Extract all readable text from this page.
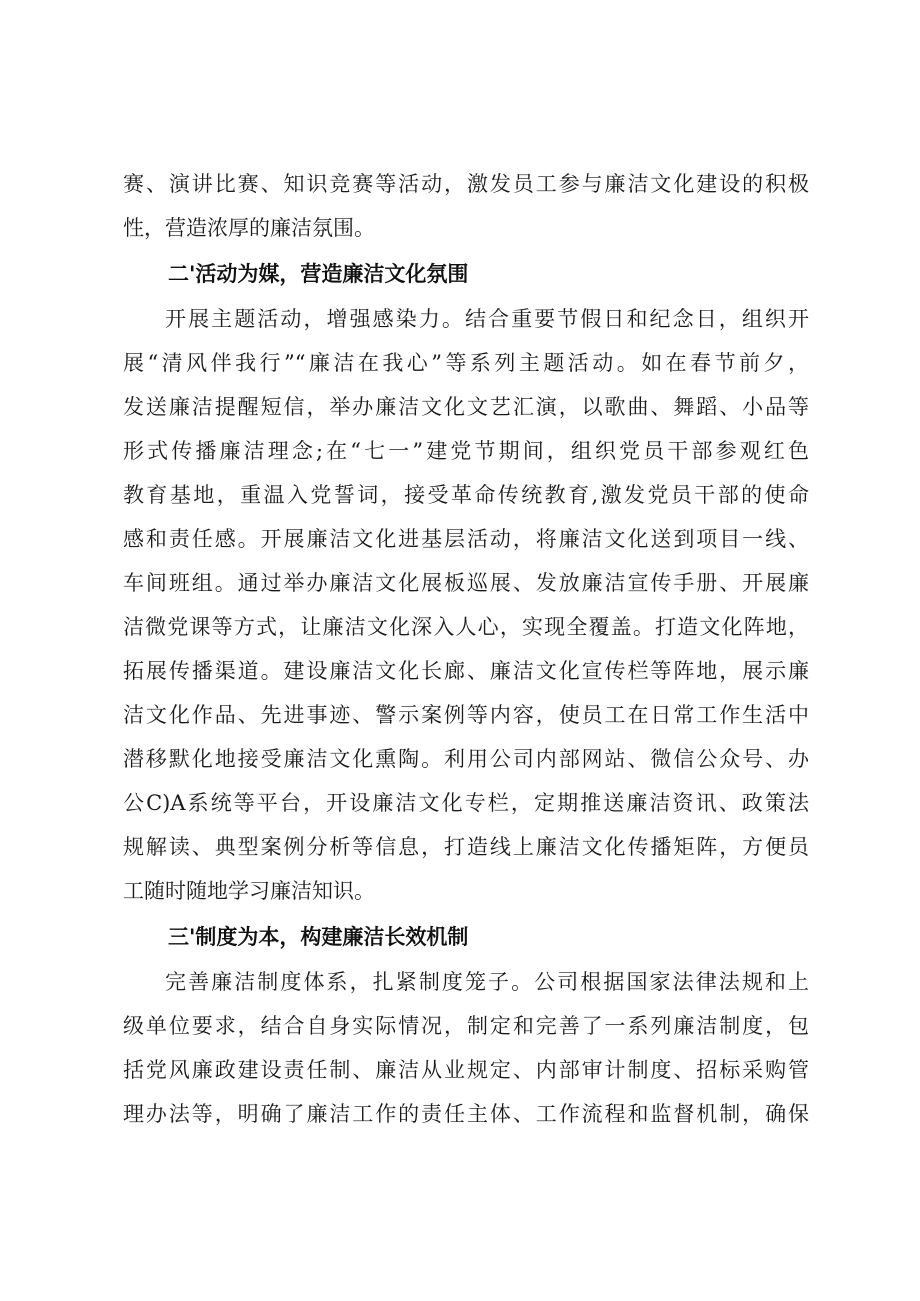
赛、演讲比赛、知识竞赛等活动，激发员工参与廉洁文化建设的积极
性，营造浓厚的廉洁氛围。
二'活动为媒，营造廉洁文化氛围
开展主题活动，增强感染力。结合重要节假日和纪念日，组织开
展“清风伴我行”“廉洁在我心”等系列主题活动。如在春节前夕，
发送廉洁提醒短信，举办廉洁文化文艺汇演，以歌曲、舞蹈、小品等
形式传播廉洁理念;在“七一”建党节期间，组织党员干部参观红色
教育基地，重温入党誓词，接受革命传统教育,激发党员干部的使命
感和责任感。开展廉洁文化进基层活动，将廉洁文化送到项目一线、
车间班组。通过举办廉洁文化展板巡展、发放廉洁宣传手册、开展廉
洁微党课等方式，让廉洁文化深入人心，实现全覆盖。打造文化阵地，
拓展传播渠道。建设廉洁文化长廊、廉洁文化宣传栏等阵地，展示廉
洁文化作品、先进事迹、警示案例等内容，使员工在日常工作生活中
潜移默化地接受廉洁文化熏陶。利用公司内部网站、微信公众号、办
公C)A系统等平台，开设廉洁文化专栏，定期推送廉洁资讯、政策法
规解读、典型案例分析等信息，打造线上廉洁文化传播矩阵，方便员
工随时随地学习廉洁知识。
三'制度为本，构建廉洁长效机制
完善廉洁制度体系，扎紧制度笼子。公司根据国家法律法规和上
级单位要求，结合自身实际情况，制定和完善了一系列廉洁制度，包
括党风廉政建设责任制、廉洁从业规定、内部审计制度、招标采购管
理办法等，明确了廉洁工作的责任主体、工作流程和监督机制，确保
